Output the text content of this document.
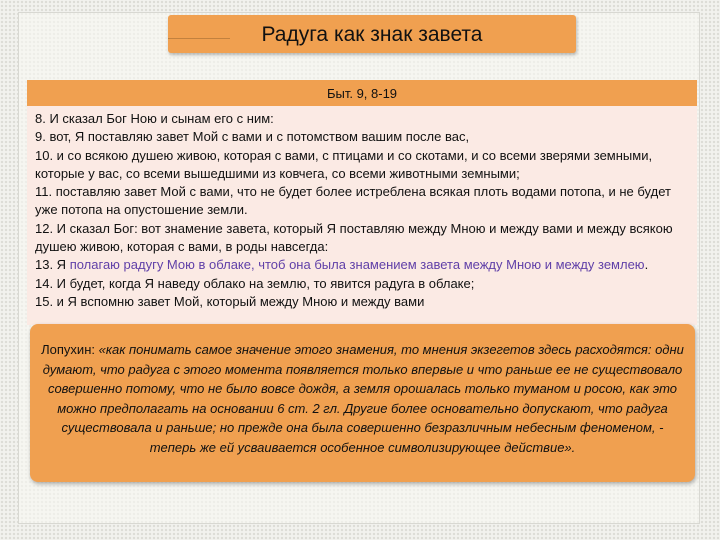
Радуга как знак завета
Быт. 9, 8-19

8. И сказал Бог Ною и сынам его с ним:

9. вот, Я поставляю завет Мой с вами и с потомством вашим после вас,

10. и со всякою душею живою, которая с вами, с птицами и со скотами, и со всеми зверями земными, которые у вас, со всеми вышедшими из ковчега, со всеми животными земными;

11. поставляю завет Мой с вами, что не будет более истреблена всякая плоть водами потопа, и не будет уже потопа на опустошение земли.

12. И сказал Бог: вот знамение завета, который Я поставляю между Мною и между вами и между всякою душею живою, которая с вами, в роды навсегда:

13. Я полагаю радугу Мою в облаке, чтоб она была знамением завета между Мною и между землею.

14. И будет, когда Я наведу облако на землю, то явится радуга в облаке;

15. и Я вспомню завет Мой, который между Мною и между вами

Лопухин: «как понимать самое значение этого знамения, то мнения экзегетов здесь расходятся: одни думают, что радуга с этого момента появляется только впервые и что раньше ее не существовало совершенно потому, что не было вовсе дождя, а земля орошалась только туманом и росою, как это можно предполагать на основании 6 ст. 2 гл. Другие более основательно допускают, что радуга существовала и раньше; но прежде она была совершенно безразличным небесным феноменом, - теперь же ей усваивается особенное символизирующее действие».
